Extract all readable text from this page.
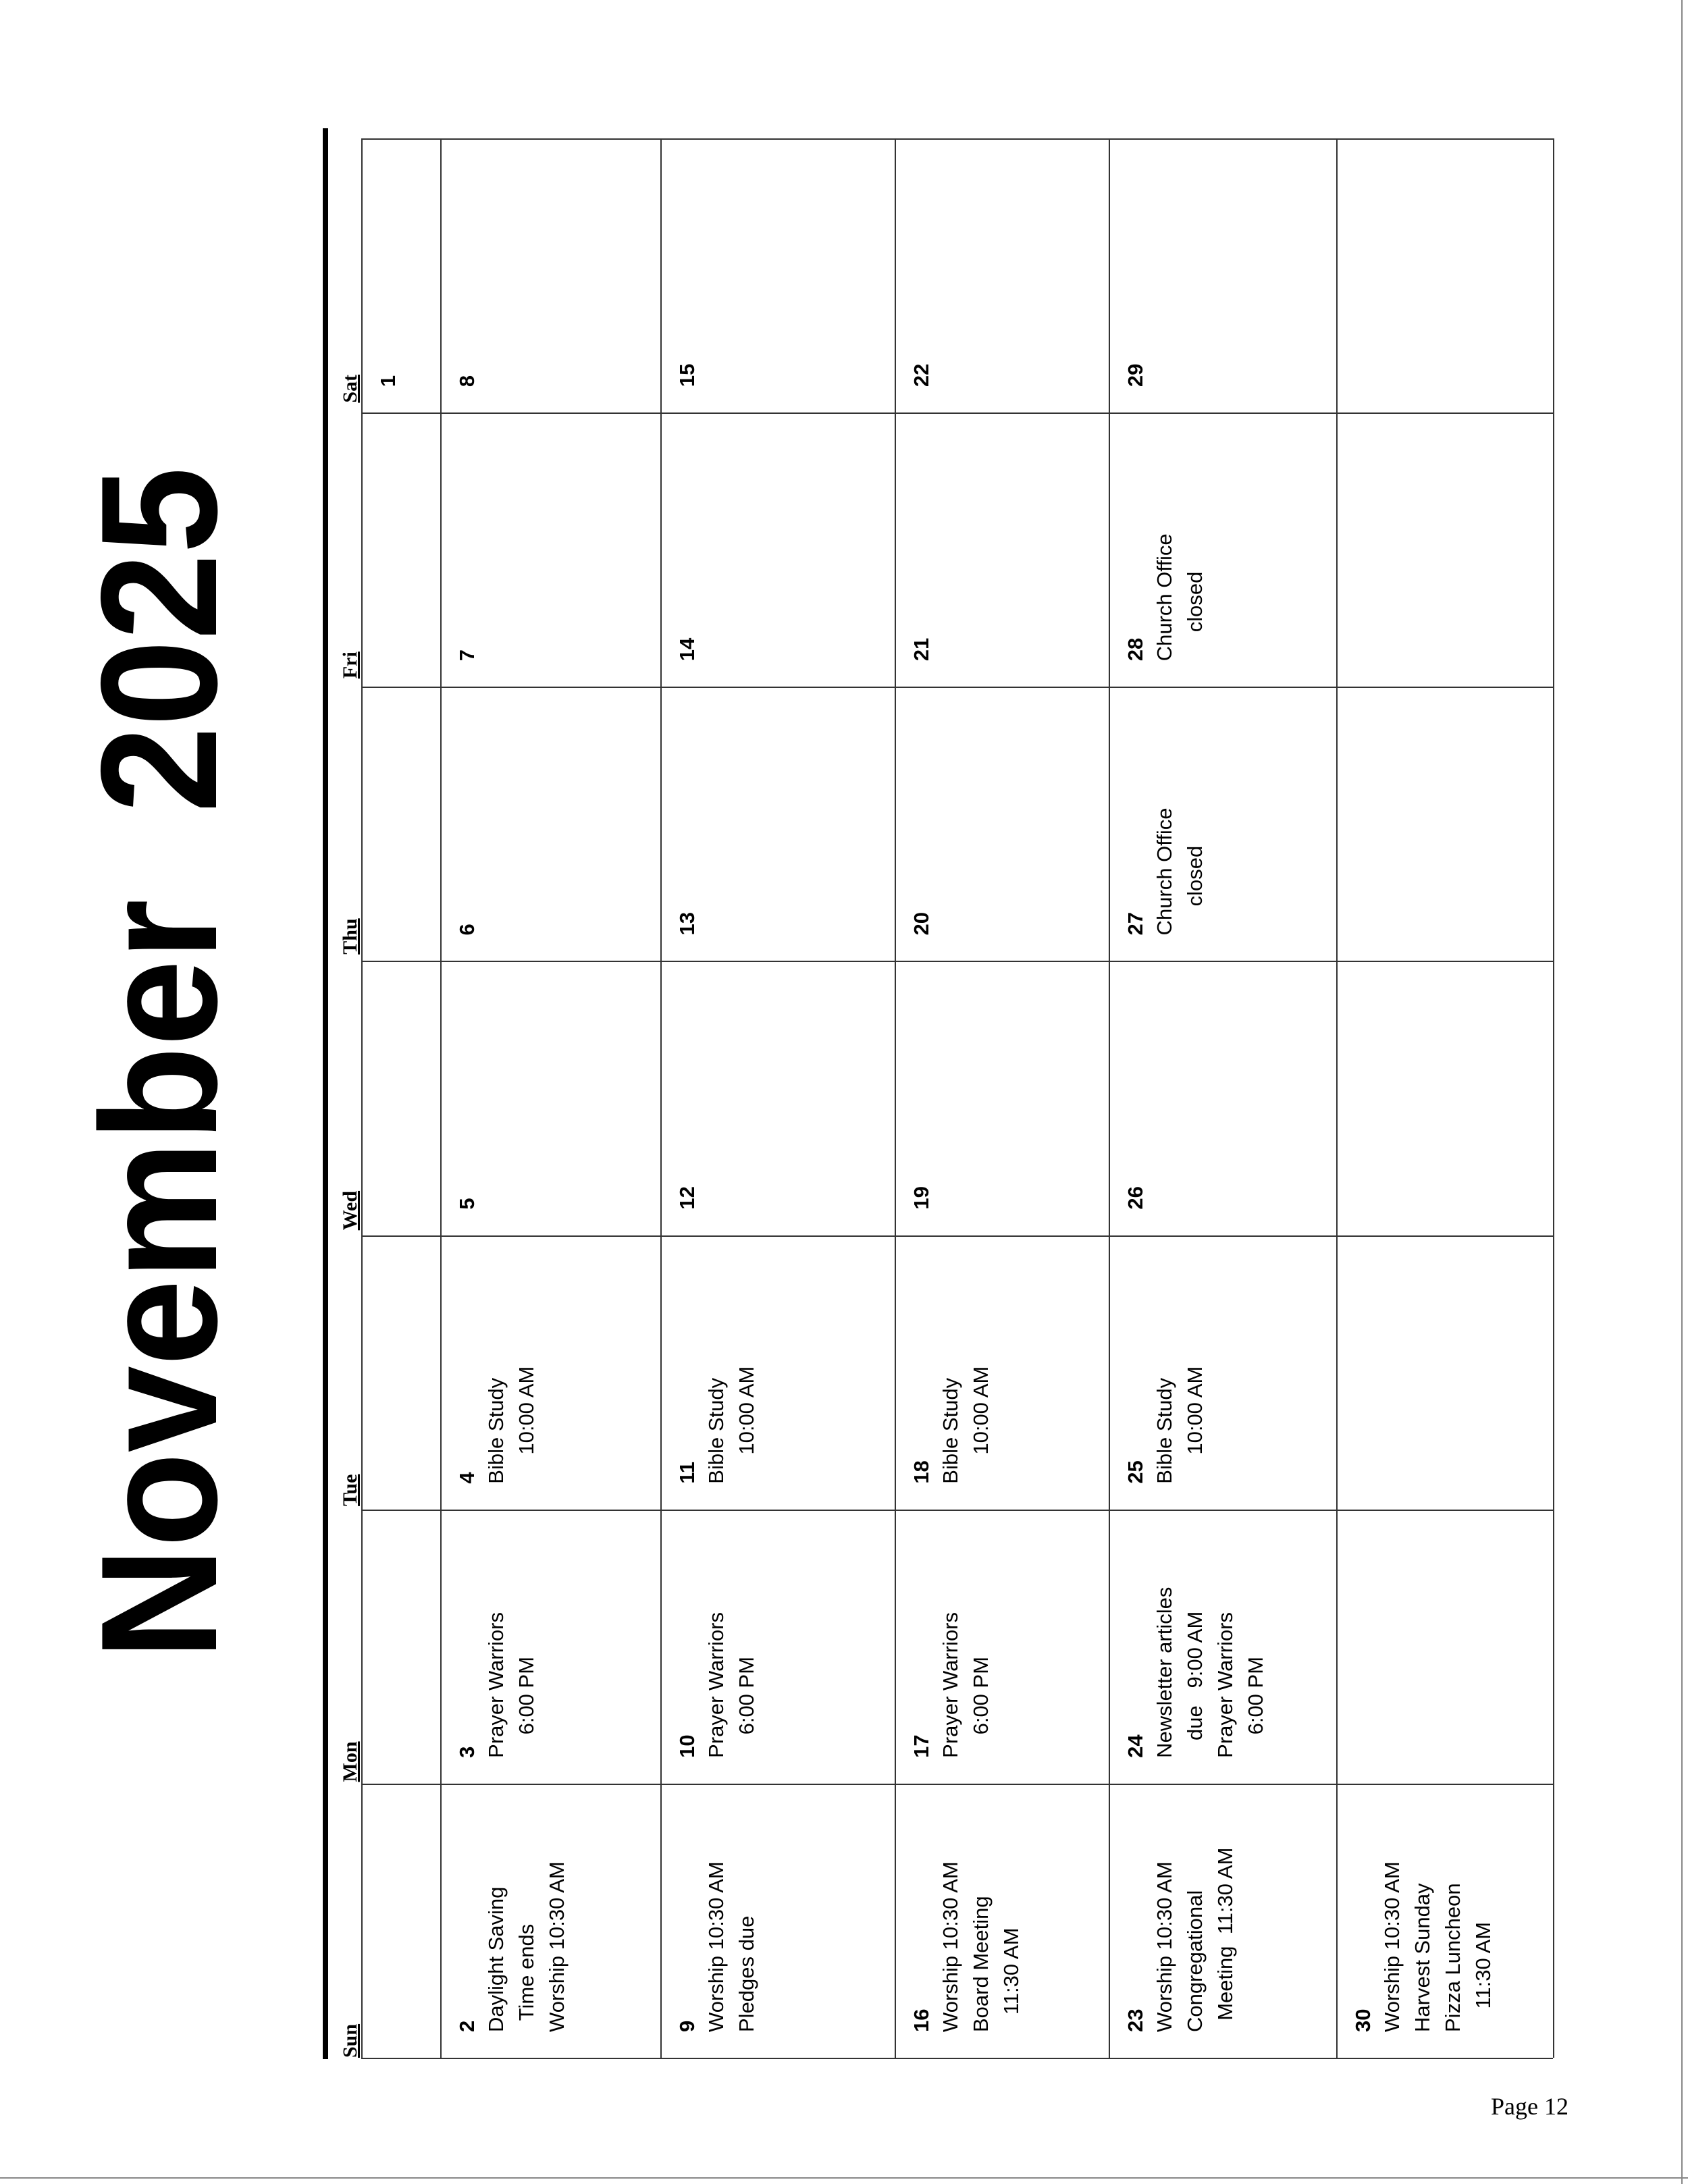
November  2025
Sun
Mon
Tue
Wed
Thu
Fri
Sat 1
2 Daylight Saving Time ends Worship 10:30 AM
3 Prayer Warriors 6:00 PM
4 Bible Study 10:00 AM
5
6
7
8
9 Worship 10:30 AM Pledges due
10 Prayer Warriors 6:00 PM
11 Bible Study 10:00 AM
12
13
14
15
16 Worship 10:30 AM Board Meeting 11:30 AM
17 Prayer Warriors 6:00 PM
18 Bible Study 10:00 AM
19
20
21
22
23 Worship 10:30 AM Congregational Meeting  11:30 AM
24 Newsletter articles due   9:00 AM Prayer Warriors 6:00 PM
25 Bible Study 10:00 AM
26
27 Church Office closed
28 Church Office closed
29
30 Worship 10:30 AM Harvest Sunday Pizza Luncheon 11:30 AM
Page 12
